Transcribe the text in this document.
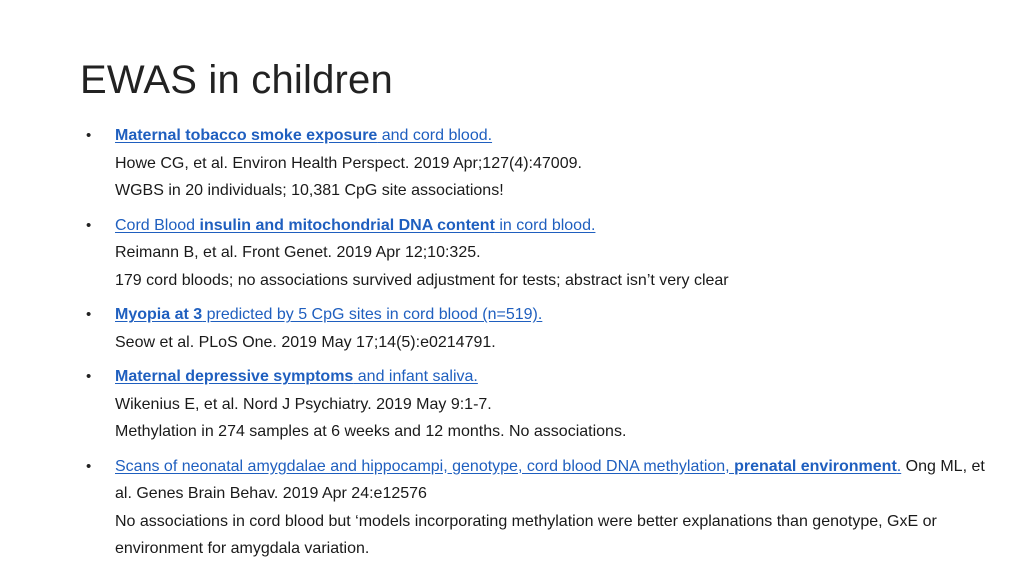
EWAS in children
• Maternal tobacco smoke exposure and cord blood.
Howe CG, et al. Environ Health Perspect. 2019 Apr;127(4):47009.
WGBS in 20 individuals; 10,381 CpG site associations!
• Cord Blood insulin and mitochondrial DNA content in cord blood.
Reimann B, et al. Front Genet. 2019 Apr 12;10:325.
179 cord bloods; no associations survived adjustment for tests; abstract isn’t very clear
• Myopia at 3 predicted by 5 CpG sites in cord blood (n=519).
Seow et al. PLoS One. 2019 May 17;14(5):e0214791.
• Maternal depressive symptoms and infant saliva.
Wikenius E, et al. Nord J Psychiatry. 2019 May 9:1-7.
Methylation in 274 samples at 6 weeks and 12 months. No associations.
• Scans of neonatal amygdalae and hippocampi, genotype, cord blood DNA methylation, prenatal environment. Ong ML, et al. Genes Brain Behav. 2019 Apr 24:e12576
No associations in cord blood but ‘models incorporating methylation were better explanations than genotype, GxE or environment for amygdala variation.
